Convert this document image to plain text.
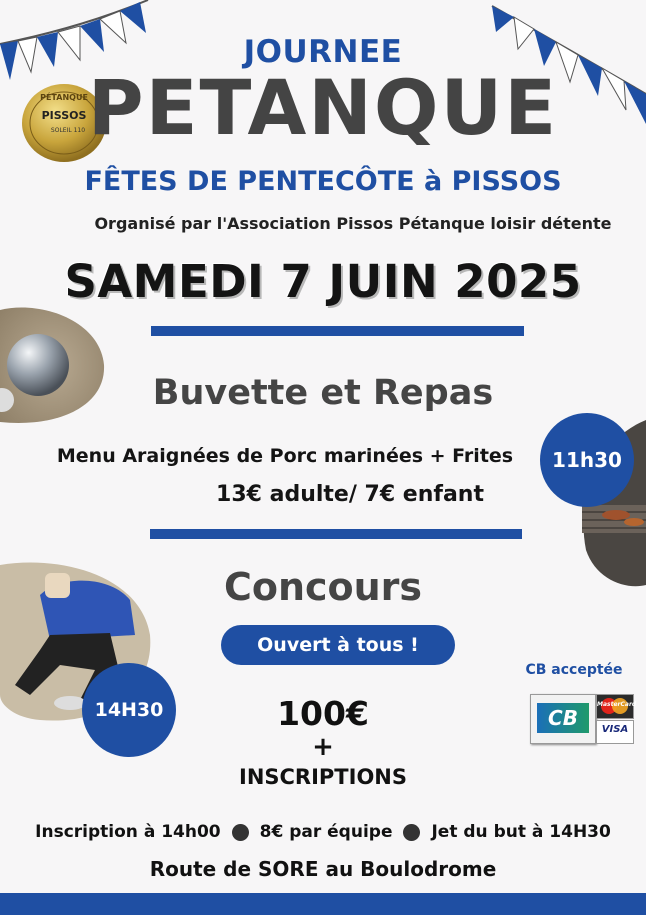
PÉTANQUE
PISSOS
SOLEIL 110
JOURNEE
PETANQUE
FÊTES DE PENTECÔTE à PISSOS
Organisé par l'Association Pissos Pétanque loisir détente
SAMEDI 7 JUIN 2025
Buvette et Repas
Menu Araignées de Porc marinées + Frites
13€ adulte/ 7€ enfant
11h30
Concours
Ouvert à tous !
14H30
CB acceptée
CB
MasterCard
VISA
100€
+
INSCRIPTIONS
Inscription à 14h00 8€ par équipe Jet du but à 14H30
Route de SORE au Boulodrome
